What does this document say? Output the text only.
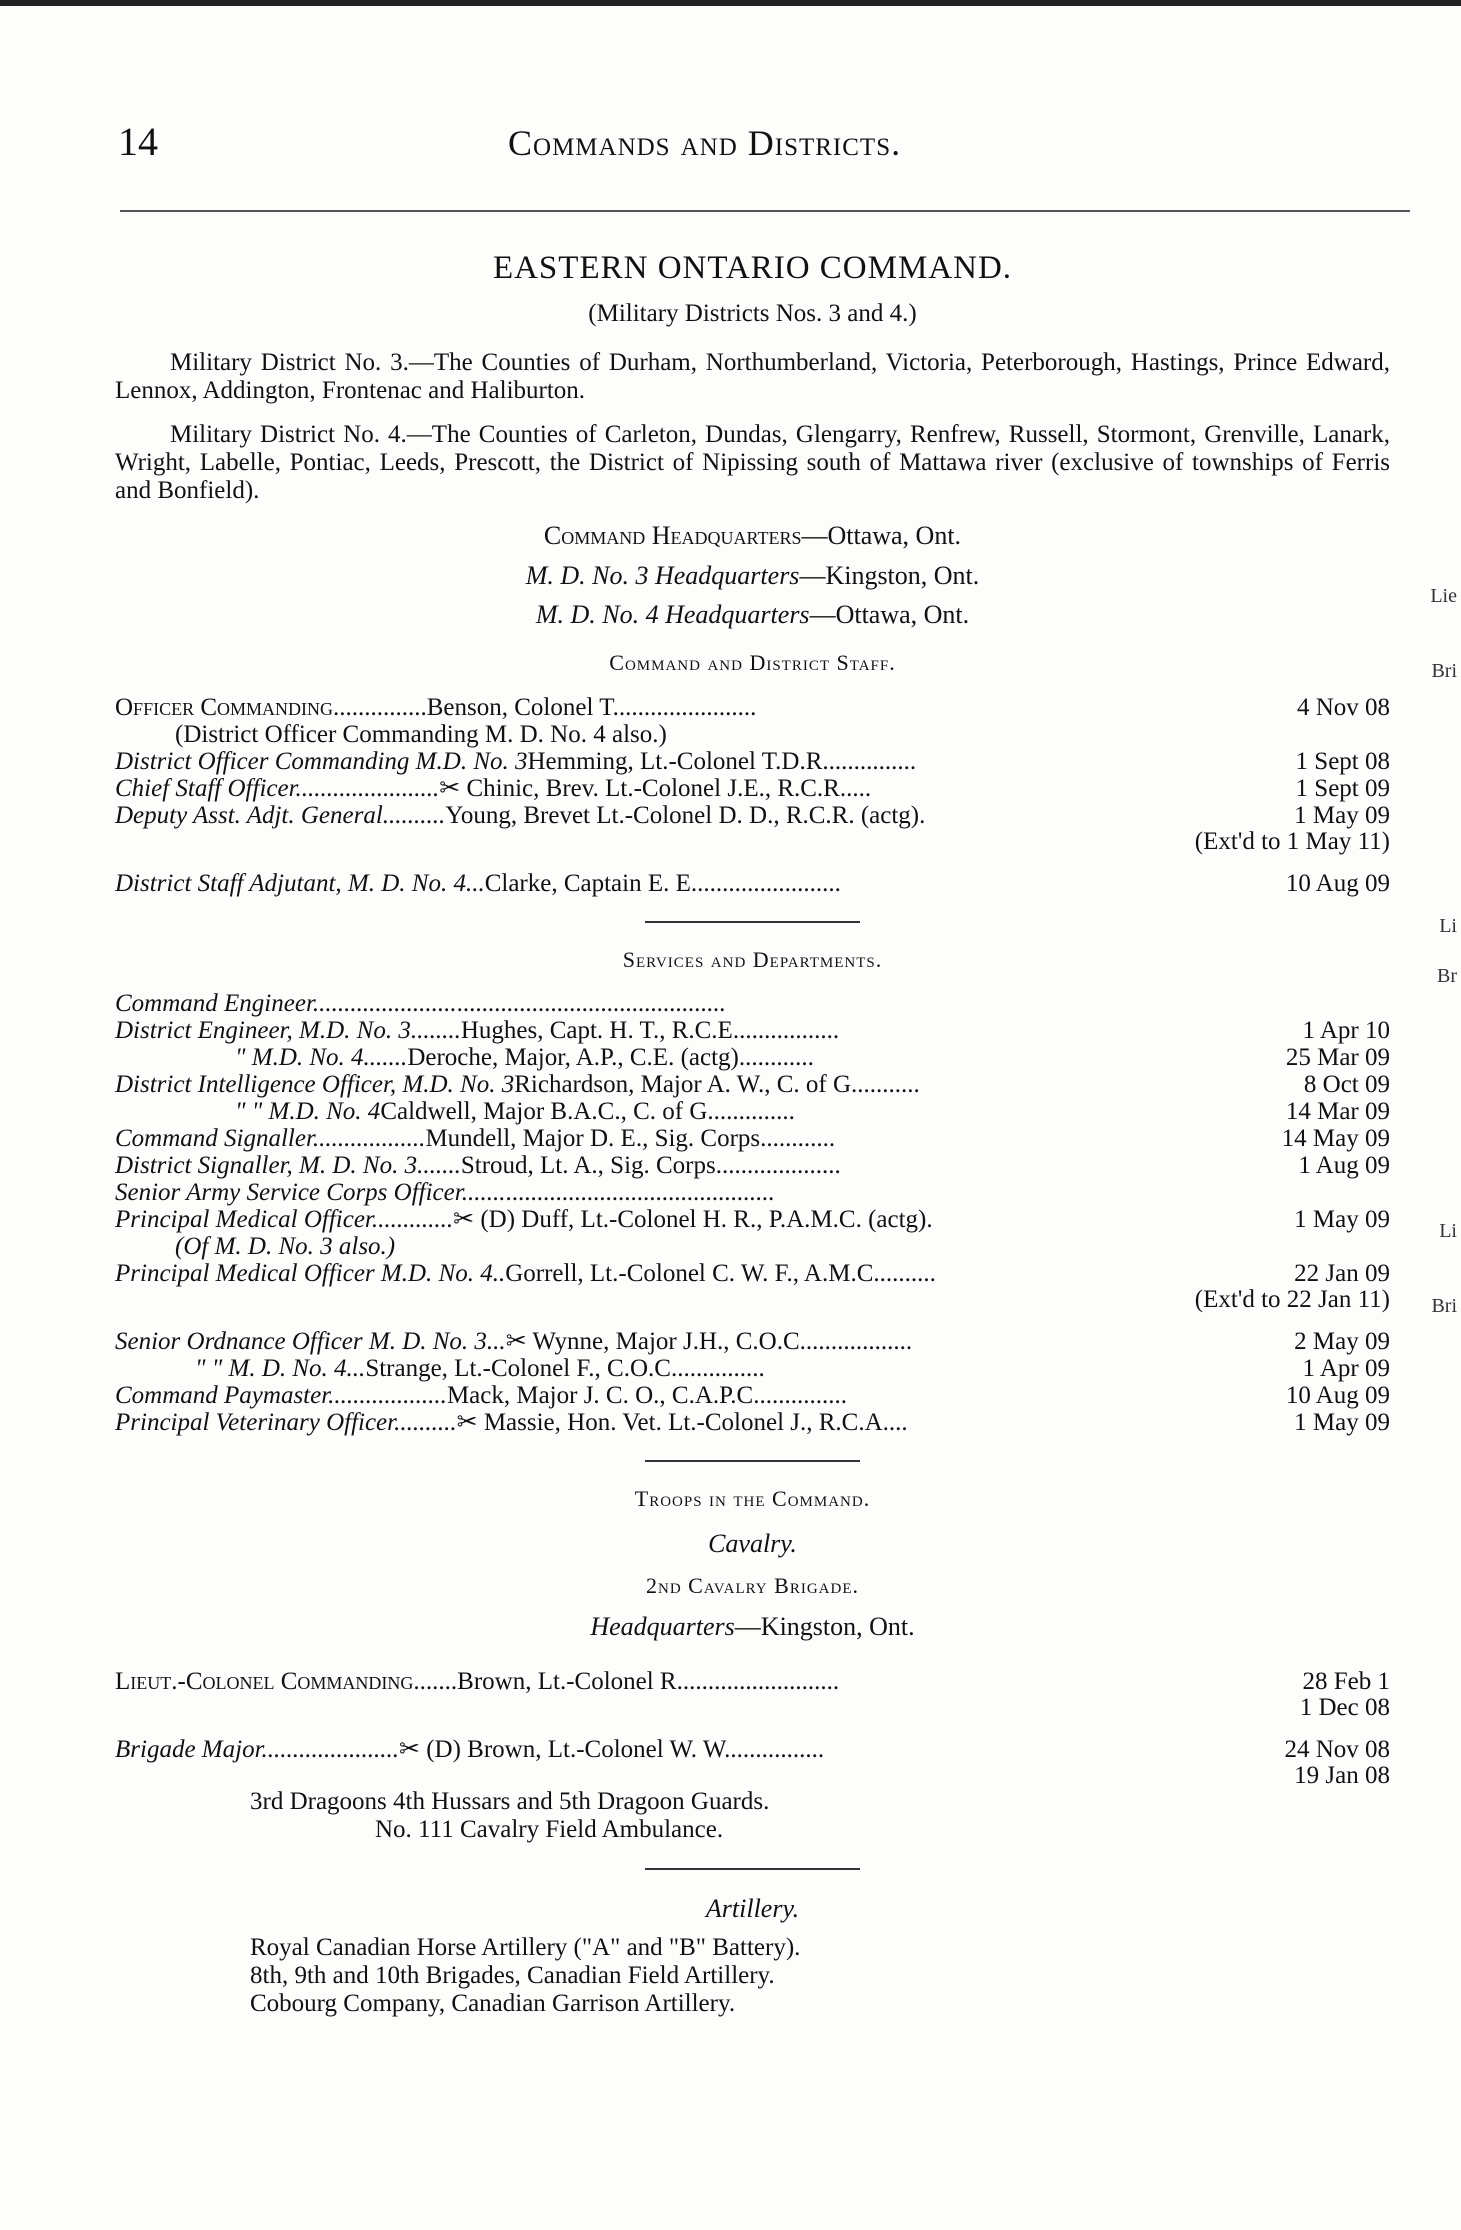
14	Commands and Districts.
EASTERN ONTARIO COMMAND.
(Military Districts Nos. 3 and 4.)
Military District No. 3.—The Counties of Durham, Northumberland, Victoria, Peterborough, Hastings, Prince Edward, Lennox, Addington, Frontenac and Haliburton.
Military District No. 4.—The Counties of Carleton, Dundas, Glengarry, Renfrew, Russell, Stormont, Grenville, Lanark, Wright, Labelle, Pontiac, Leeds, Prescott, the District of Nipissing south of Mattawa river (exclusive of townships of Ferris and Bonfield).
Command Headquarters—Ottawa, Ont.
M. D. No. 3 Headquarters—Kingston, Ont.
M. D. No. 4 Headquarters—Ottawa, Ont.
Command and District Staff.
Officer Commanding............... Benson, Colonel T.......................	4 Nov 08
(District Officer Commanding M. D. No. 4 also.)
District Officer Commanding M.D. No. 3 Hemming, Lt.-Colonel T.D.R...............	1 Sept 08
Chief Staff Officer....................... ✂ Chinic, Brev. Lt.-Colonel J.E., R.C.R.....	1 Sept 09
Deputy Asst. Adjt. General.......... Young, Brevet Lt.-Colonel D. D., R.C.R. (actg).	1 May 09
(Ext'd to 1 May 11)
District Staff Adjutant, M. D. No. 4... Clarke, Captain E. E........................	10 Aug 09
Services and Departments.
Command Engineer....................... ...........................................
District Engineer, M.D. No. 3........ Hughes, Capt. H. T., R.C.E.................	1 Apr 10
" M.D. No. 4....... Deroche, Major, A.P., C.E. (actg)............	25 Mar 09
District Intelligence Officer, M.D. No. 3 Richardson, Major A. W., C. of G...........	8 Oct 09
" " M.D. No. 4 Caldwell, Major B.A.C., C. of G..............	14 Mar 09
Command Signaller.................. Mundell, Major D. E., Sig. Corps............	14 May 09
District Signaller, M. D. No. 3....... Stroud, Lt. A., Sig. Corps....................	1 Aug 09
Senior Army Service Corps Officer....... ...........................................
Principal Medical Officer............. ✂ (D) Duff, Lt.-Colonel H. R., P.A.M.C. (actg).	1 May 09
(Of M. D. No. 3 also.)
Principal Medical Officer M.D. No. 4.. Gorrell, Lt.-Colonel C. W. F., A.M.C..........	22 Jan 09
(Ext'd to 22 Jan 11)
Senior Ordnance Officer M. D. No. 3... ✂ Wynne, Major J.H., C.O.C..................	2 May 09
" " M. D. No. 4... Strange, Lt.-Colonel F., C.O.C...............	1 Apr 09
Command Paymaster................... Mack, Major J. C. O., C.A.P.C...............	10 Aug 09
Principal Veterinary Officer.......... ✂ Massie, Hon. Vet. Lt.-Colonel J., R.C.A....	1 May 09
Troops in the Command.
Cavalry.
2nd Cavalry Brigade.
Headquarters—Kingston, Ont.
Lieut.-Colonel Commanding....... Brown, Lt.-Colonel R..........................	28 Feb 1
1 Dec 08
Brigade Major...................... ✂ (D) Brown, Lt.-Colonel W. W................	24 Nov 08
19 Jan 08
3rd Dragoons 4th Hussars and 5th Dragoon Guards.
No. 111 Cavalry Field Ambulance.
Artillery.
Royal Canadian Horse Artillery ("A" and "B" Battery).
8th, 9th and 10th Brigades, Canadian Field Artillery.
Cobourg Company, Canadian Garrison Artillery.
Lie
Bri
Li
Br
Li
Bri
